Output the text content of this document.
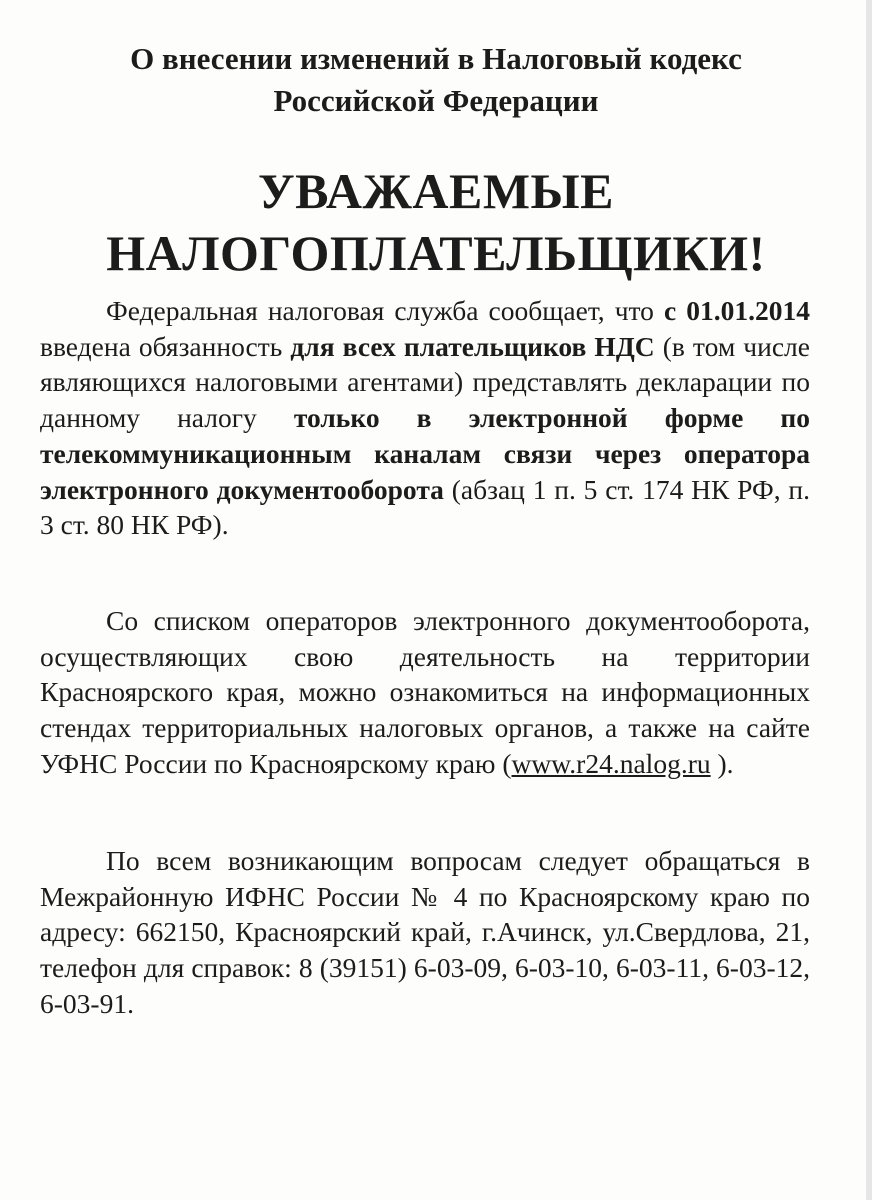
О внесении изменений в Налоговый кодекс
Российской Федерации
УВАЖАЕМЫЕ
НАЛОГОПЛАТЕЛЬЩИКИ!

Федеральная налоговая служба сообщает, что с 01.01.2014 введена обязанность для всех плательщиков НДС (в том числе являющихся налоговыми агентами) представлять декларации по данному налогу только в электронной форме по телекоммуникационным каналам связи через оператора электронного документооборота (абзац 1 п. 5 ст. 174 НК РФ, п. 3 ст. 80 НК РФ).

Со списком операторов электронного документооборота, осуществляющих свою деятельность на территории Красноярского края, можно ознакомиться на информационных стендах территориальных налоговых органов, а также на сайте УФНС России по Красноярскому краю (www.r24.nalog.ru ).

По всем возникающим вопросам следует обращаться в Межрайонную ИФНС России № 4 по Красноярскому краю по адресу: 662150, Красноярский край, г.Ачинск, ул.Свердлова, 21, телефон для справок: 8 (39151) 6-03-09, 6-03-10, 6-03-11, 6-03-12, 6-03-91.
